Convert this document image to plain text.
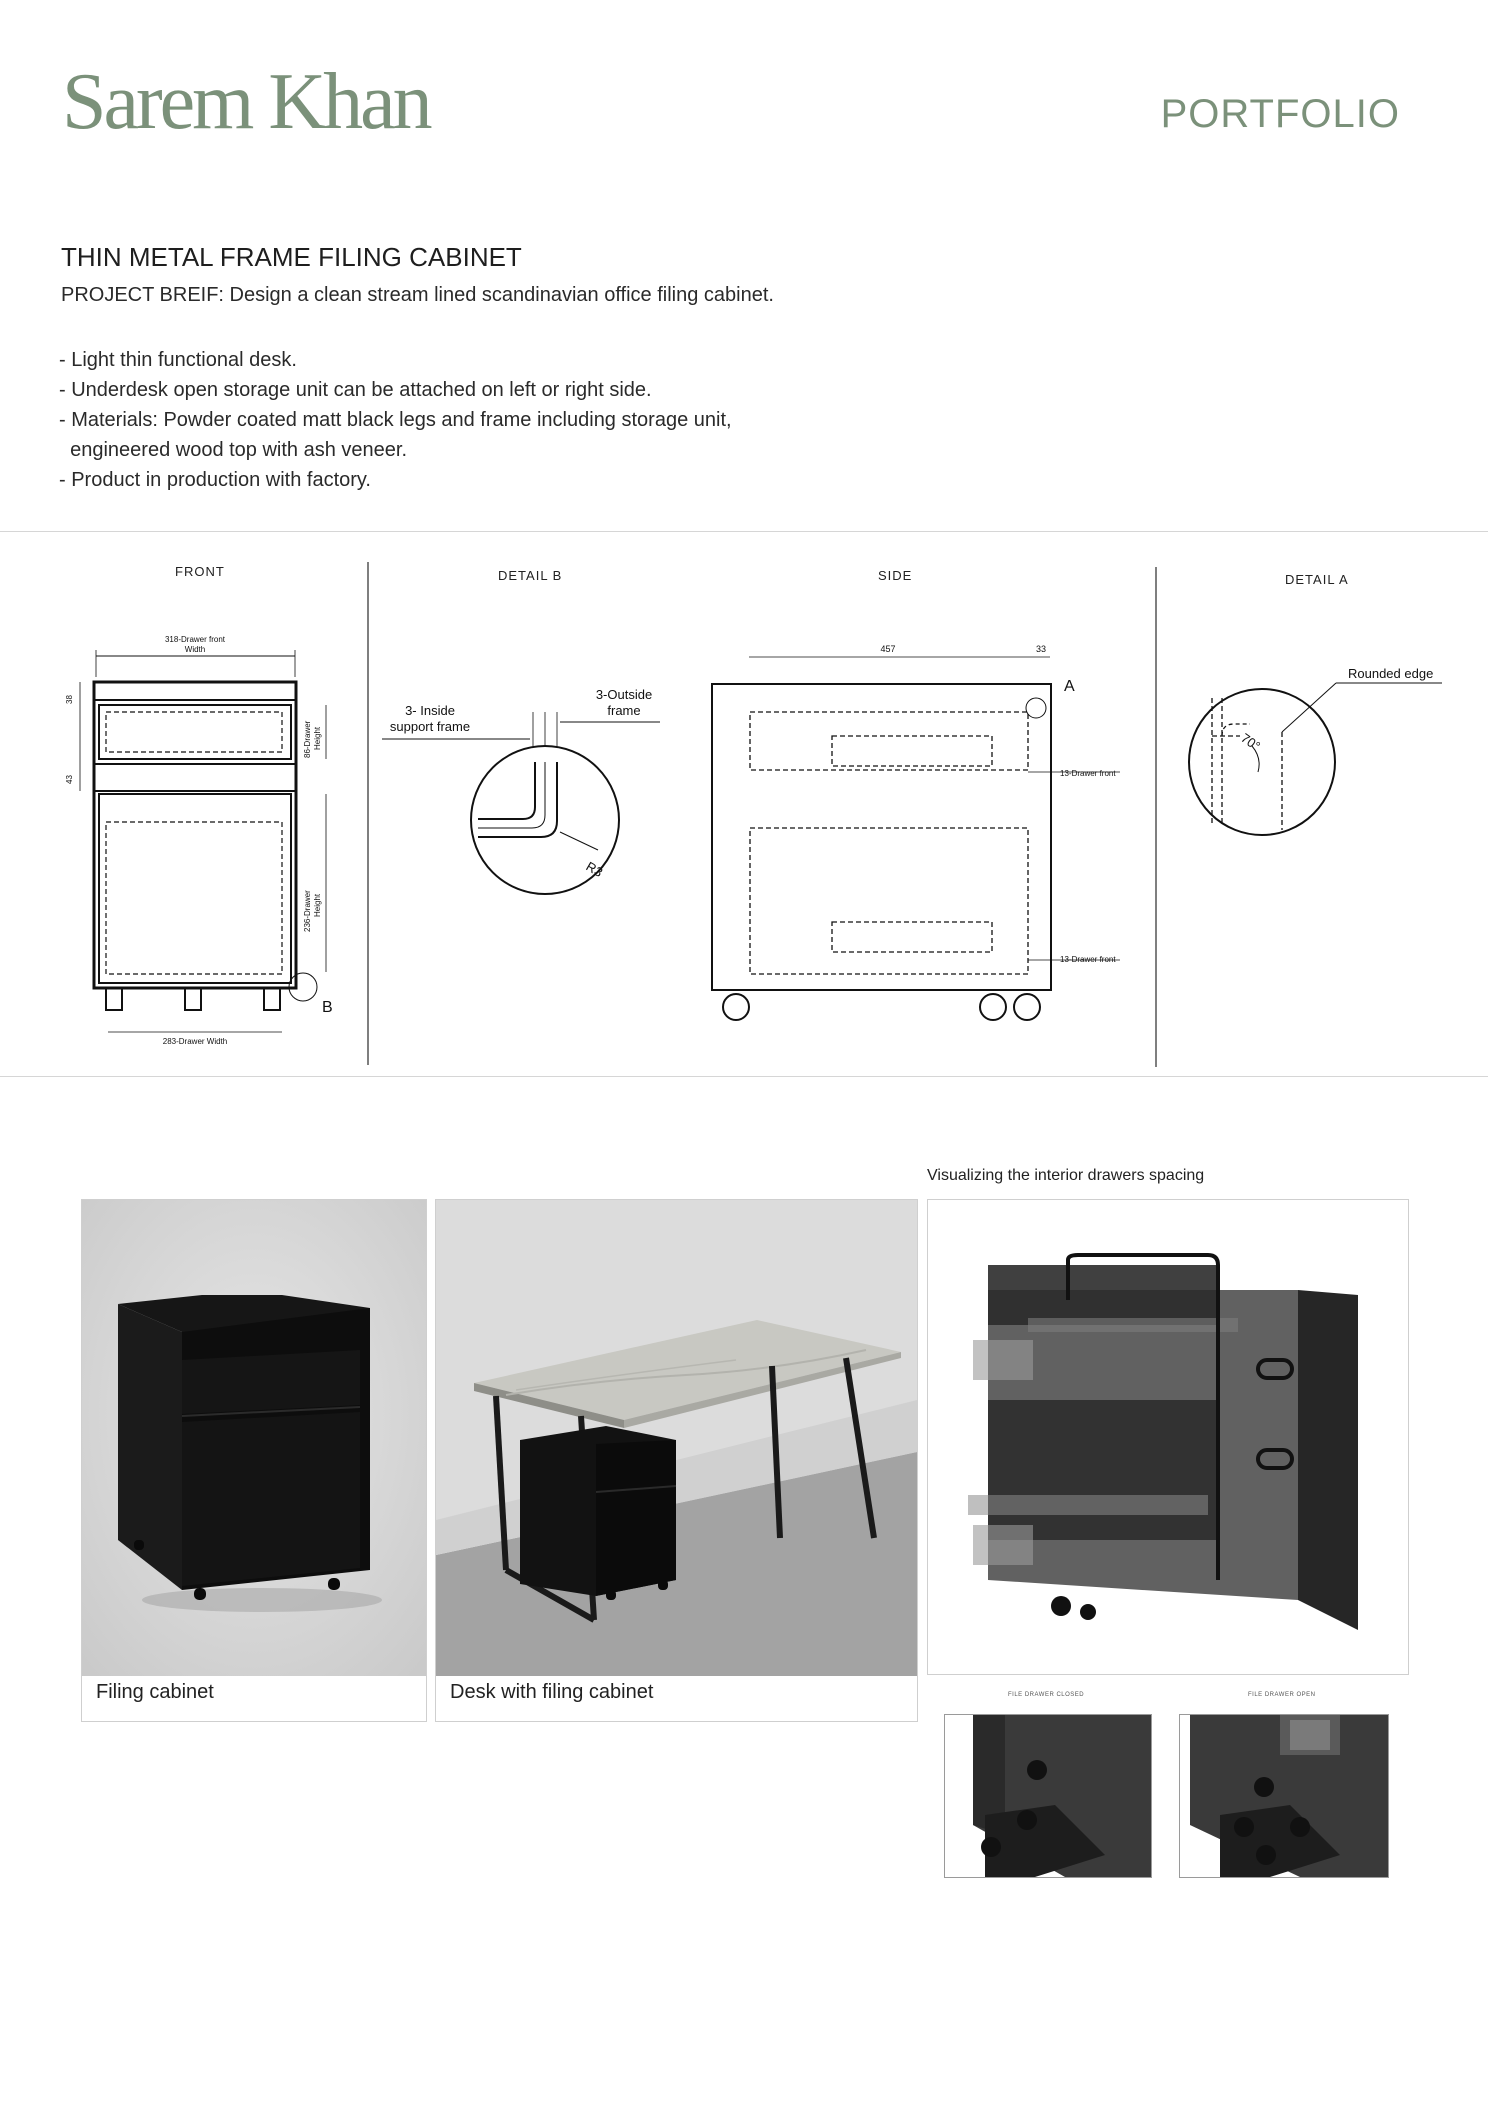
Sarem Khan	PORTFOLIO
THIN METAL FRAME FILING CABINET
PROJECT BREIF: Design a clean stream lined scandinavian office filing cabinet.
- Light thin functional desk.
- Underdesk open storage unit can be attached on left or right side.
- Materials: Powder coated matt black legs and frame including storage unit,
engineered wood top with ash veneer.
- Product in production with factory.
FRONT
318-Drawer front
Width
38
43
86-Drawer Height
236-Drawer Height
B
283-Drawer Width
DETAIL B
3- Inside
support frame
3-Outside
frame
R3
SIDE
457	33
A
13-Drawer front
13-Drawer front
DETAIL A
Rounded edge
70°
Filing cabinet	Desk with filing cabinet
Visualizing the interior drawers spacing
FILE DRAWER CLOSED	FILE DRAWER OPEN
